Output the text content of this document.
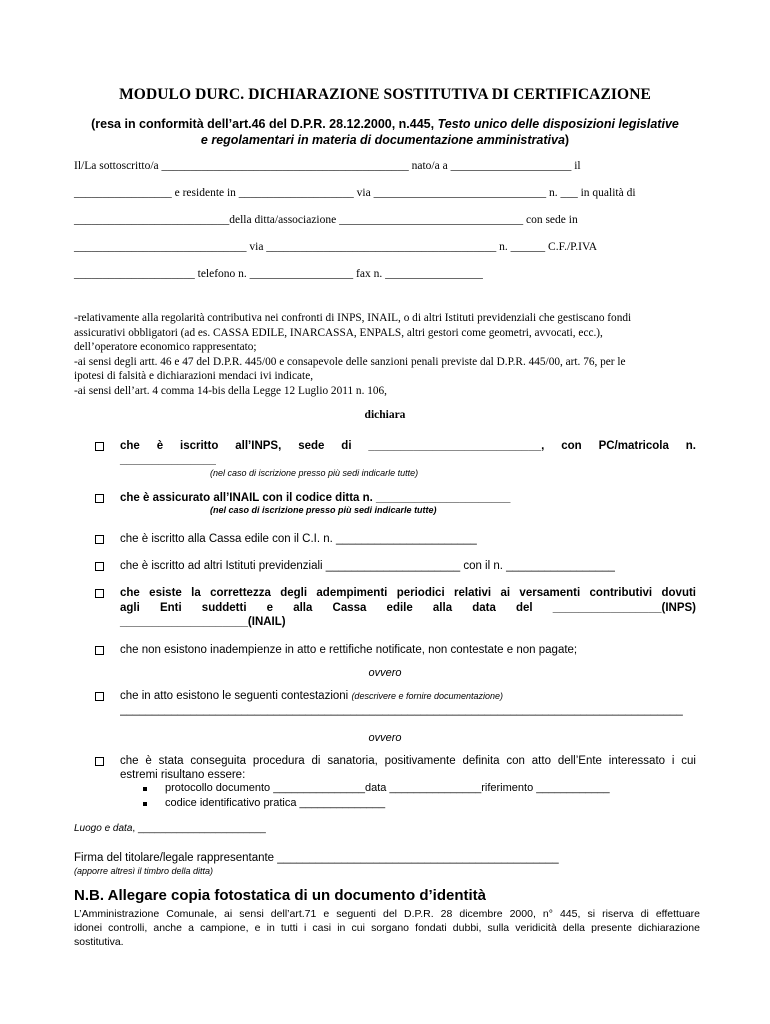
MODULO DURC. DICHIARAZIONE SOSTITUTIVA DI CERTIFICAZIONE
(resa in conformità dell’art.46 del D.P.R. 28.12.2000, n.445, Testo unico delle disposizioni legislative
e regolamentari in materia di documentazione amministrativa)
Il/La sottoscritto/a ___________________________________________ nato/a a _____________________ il
_________________ e residente in ____________________ via ______________________________ n. ___ in qualità di
___________________________della ditta/associazione ________________________________ con sede in
______________________________ via ________________________________________ n. ______ C.F./P.IVA
_____________________ telefono n. __________________ fax n. _________________
-relativamente alla regolarità contributiva nei confronti di INPS, INAIL, o di altri Istituti previdenziali che gestiscano fondi
assicurativi obbligatori (ad es. CASSA EDILE, INARCASSA, ENPALS, altri gestori come geometri, avvocati, ecc.),
dell’operatore economico rappresentato;
-ai sensi degli artt. 46 e 47 del D.P.R. 445/00 e consapevole delle sanzioni penali previste dal D.P.R. 445/00, art. 76, per le
ipotesi di falsità e dichiarazioni mendaci ivi indicate,
-ai sensi dell’art. 4 comma 14-bis della Legge 12 Luglio 2011 n. 106,
dichiara
che è iscritto all’INPS, sede di ___________________________, con PC/matricola n.
_______________
(nel caso di iscrizione presso più sedi indicarle tutte)
che è assicurato all’INAIL con il codice ditta n. _____________________
(nel caso di iscrizione presso più sedi indicarle tutte)
che è iscritto alla Cassa edile con il C.I. n. ______________________
che è iscritto ad altri Istituti previdenziali _____________________ con il n. _________________
che esiste la correttezza degli adempimenti periodici relativi ai versamenti contributivi dovuti
agli Enti suddetti e alla Cassa edile alla data del _________________(INPS)
____________________(INAIL)
che non esistono inadempienze in atto e rettifiche notificate, non contestate e non pagate;
ovvero
che in atto esistono le seguenti contestazioni (descrivere e fornire documentazione)
________________________________________________________________________________________
ovvero
che è stata conseguita procedura di sanatoria, positivamente definita con atto dell’Ente interessato i cui
estremi risultano essere:
protocollo documento _______________data _______________riferimento ____________
codice identificativo pratica ______________
Luogo e data, _______________________
Firma del titolare/legale rappresentante ____________________________________________
(apporre altresì il timbro della ditta)
N.B. Allegare copia fotostatica di un documento d’identità
L’Amministrazione Comunale, ai sensi dell’art.71 e seguenti del D.P.R. 28 dicembre 2000, n° 445, si riserva di effettuare
idonei controlli, anche a campione, e in tutti i casi in cui sorgano fondati dubbi, sulla veridicità della presente dichiarazione
sostitutiva.
